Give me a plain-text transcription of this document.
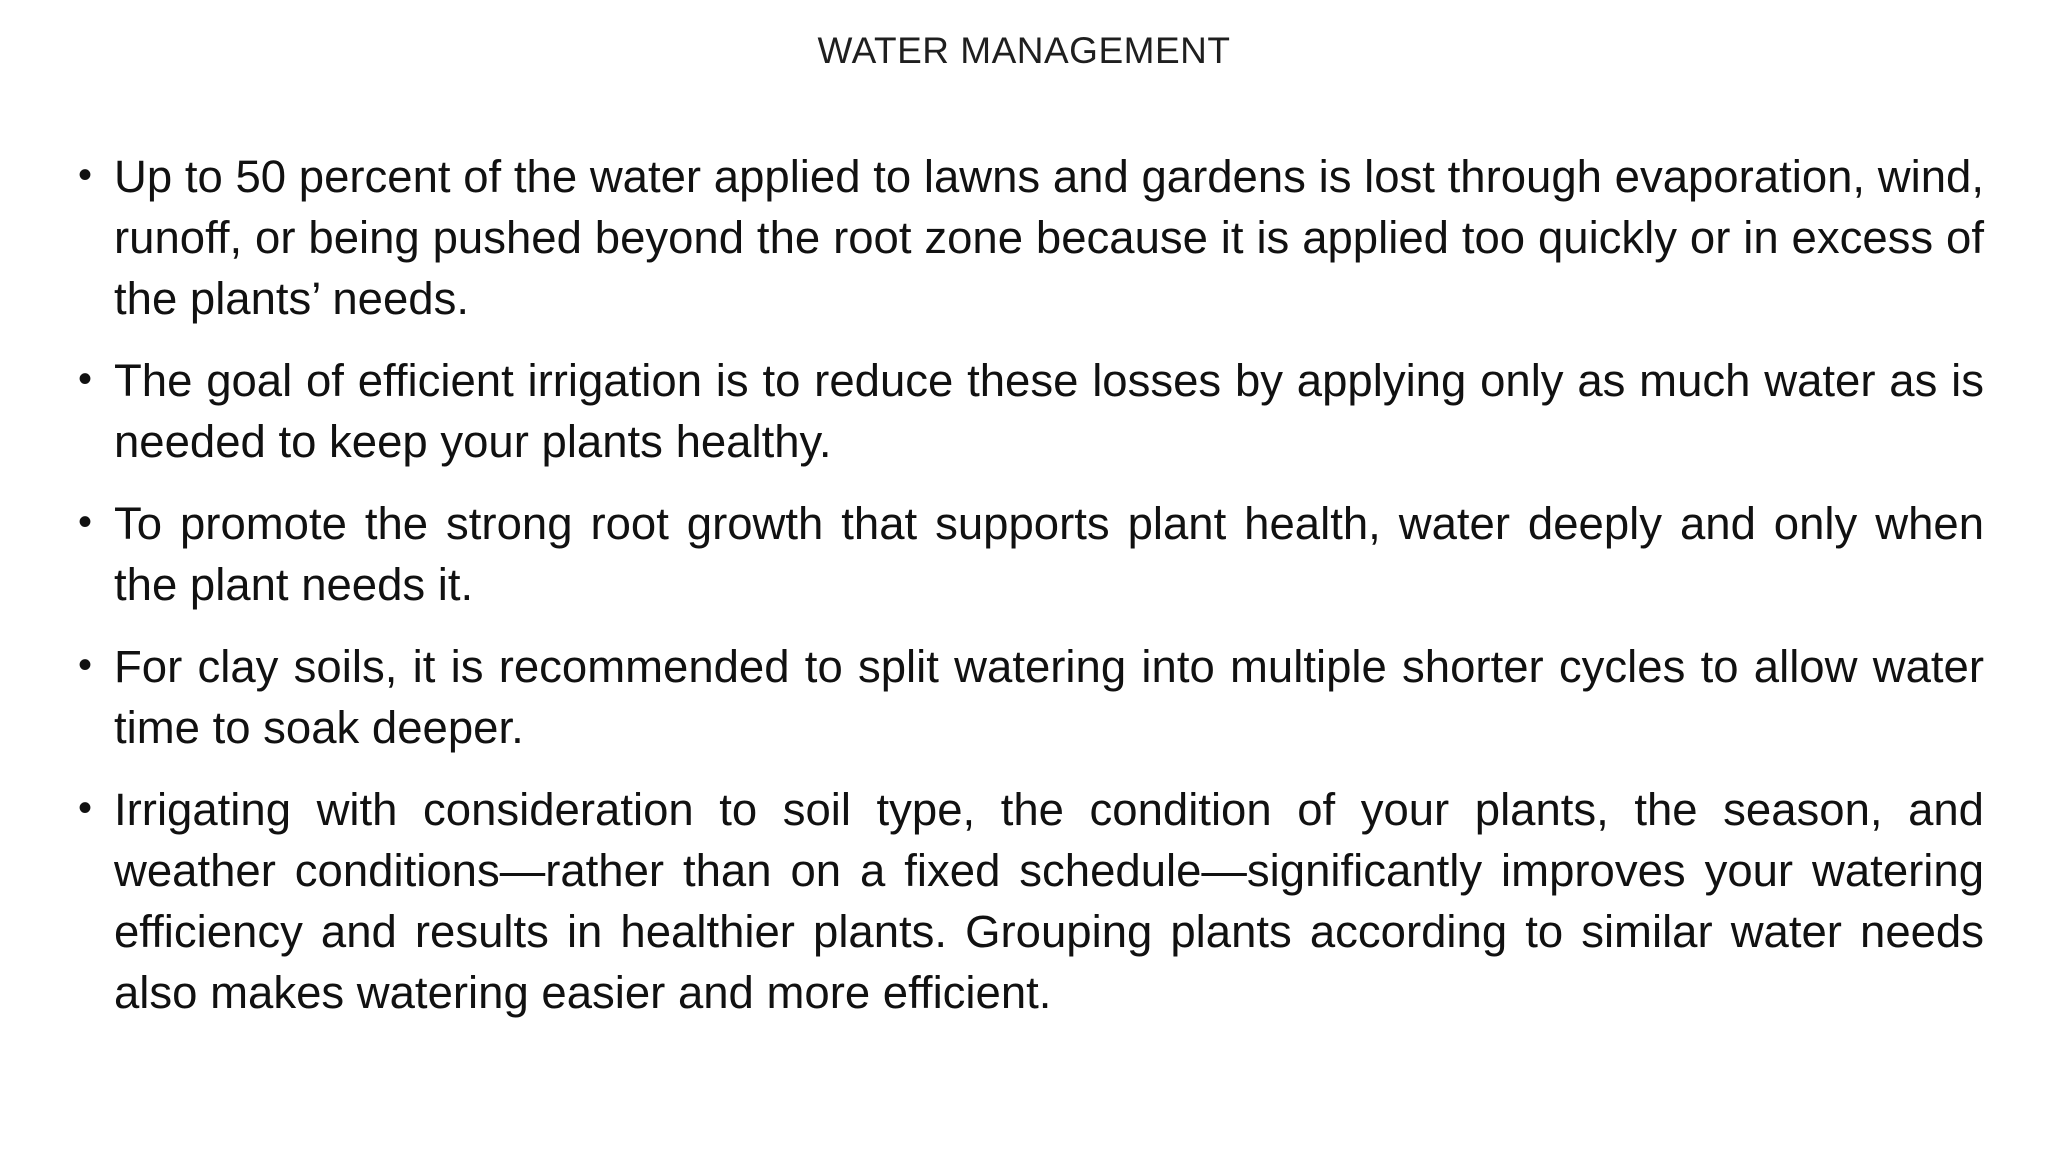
WATER MANAGEMENT
• Up to 50 percent of the water applied to lawns and gardens is lost through evaporation, wind, runoff, or being pushed beyond the root zone because it is applied too quickly or in excess of the plants’ needs.
• The goal of efficient irrigation is to reduce these losses by applying only as much water as is needed to keep your plants healthy.
• To promote the strong root growth that supports plant health, water deeply and only when the plant needs it.
• For clay soils, it is recommended to split watering into multiple shorter cycles to allow water time to soak deeper.
• Irrigating with consideration to soil type, the condition of your plants, the season, and weather conditions—rather than on a fixed schedule—significantly improves your watering efficiency and results in healthier plants. Grouping plants according to similar water needs also makes watering easier and more efficient.
